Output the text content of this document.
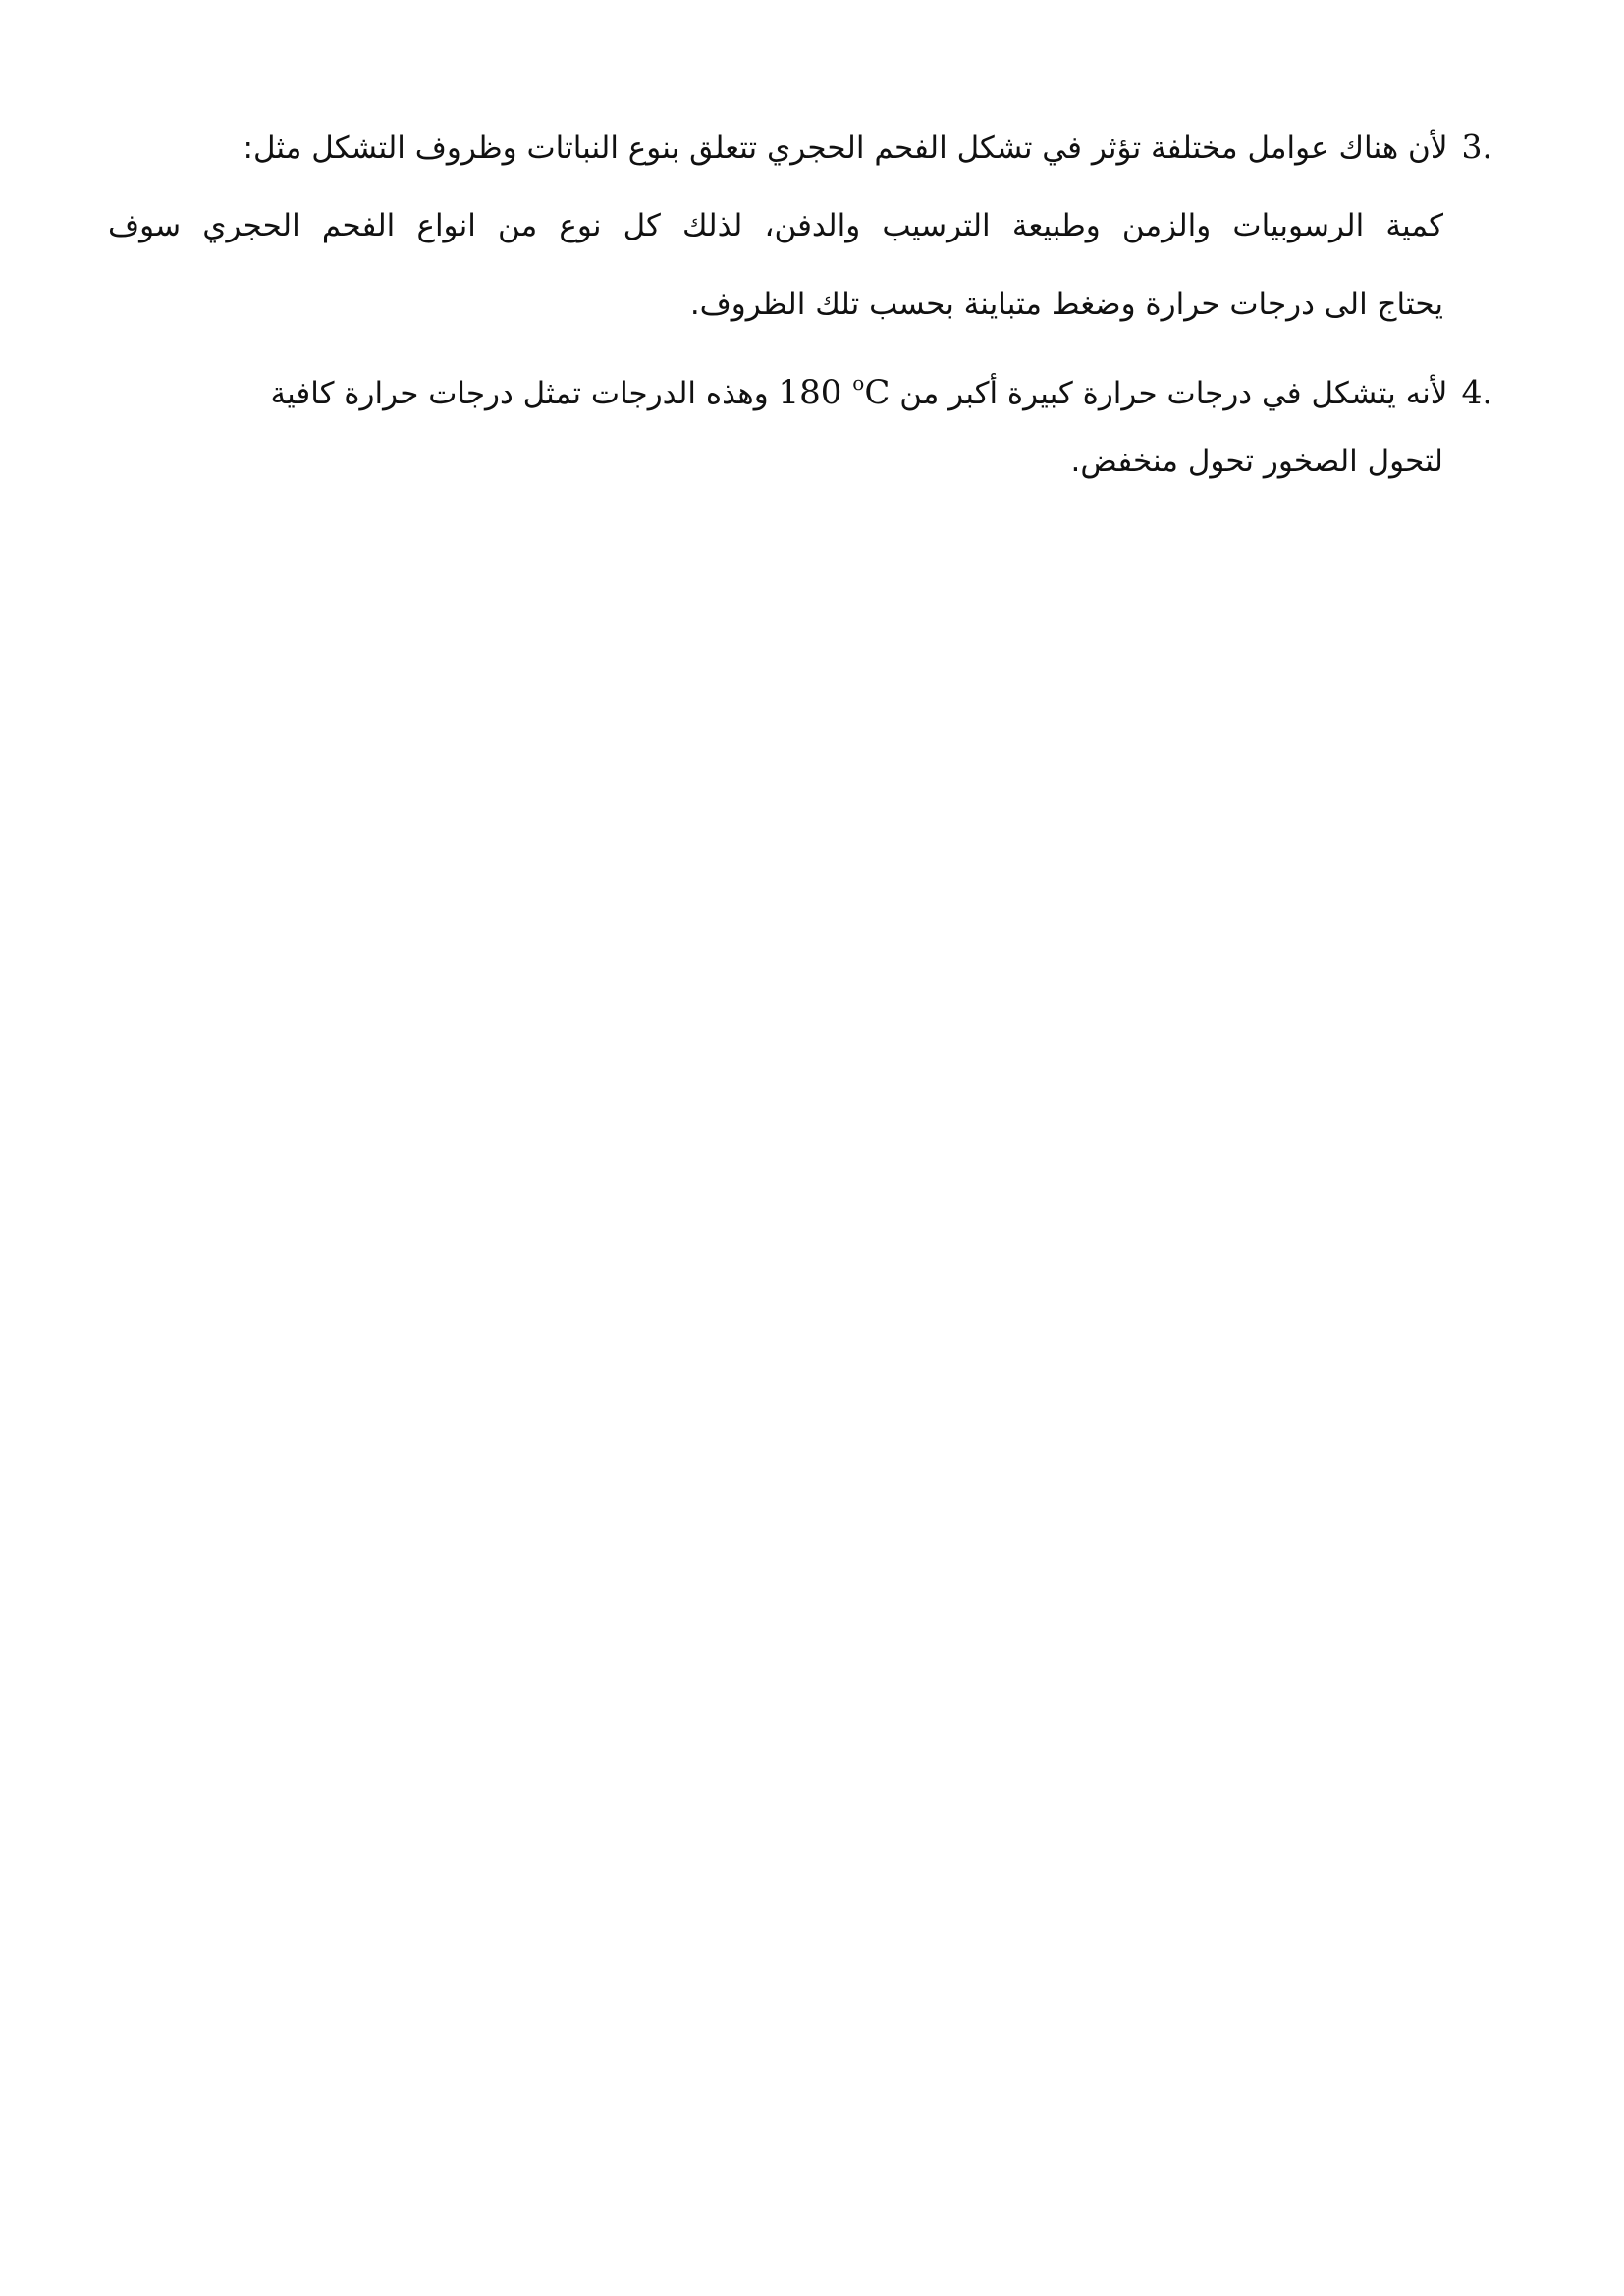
3.لأن هناك عوامل مختلفة تؤثر في تشكل الفحم الحجري تتعلق بنوع النباتات وظروف التشكل مثل:
كمية الرسوبيات والزمن وطبيعة الترسيب والدفن، لذلك كل نوع من انواع الفحم الحجري سوف
يحتاج الى درجات حرارة وضغط متباينة بحسب تلك الظروف.
4.لأنه يتشكل في درجات حرارة كبيرة أكبر من 180 $^o$C وهذه الدرجات تمثل درجات حرارة كافية
لتحول الصخور تحول منخفض.
